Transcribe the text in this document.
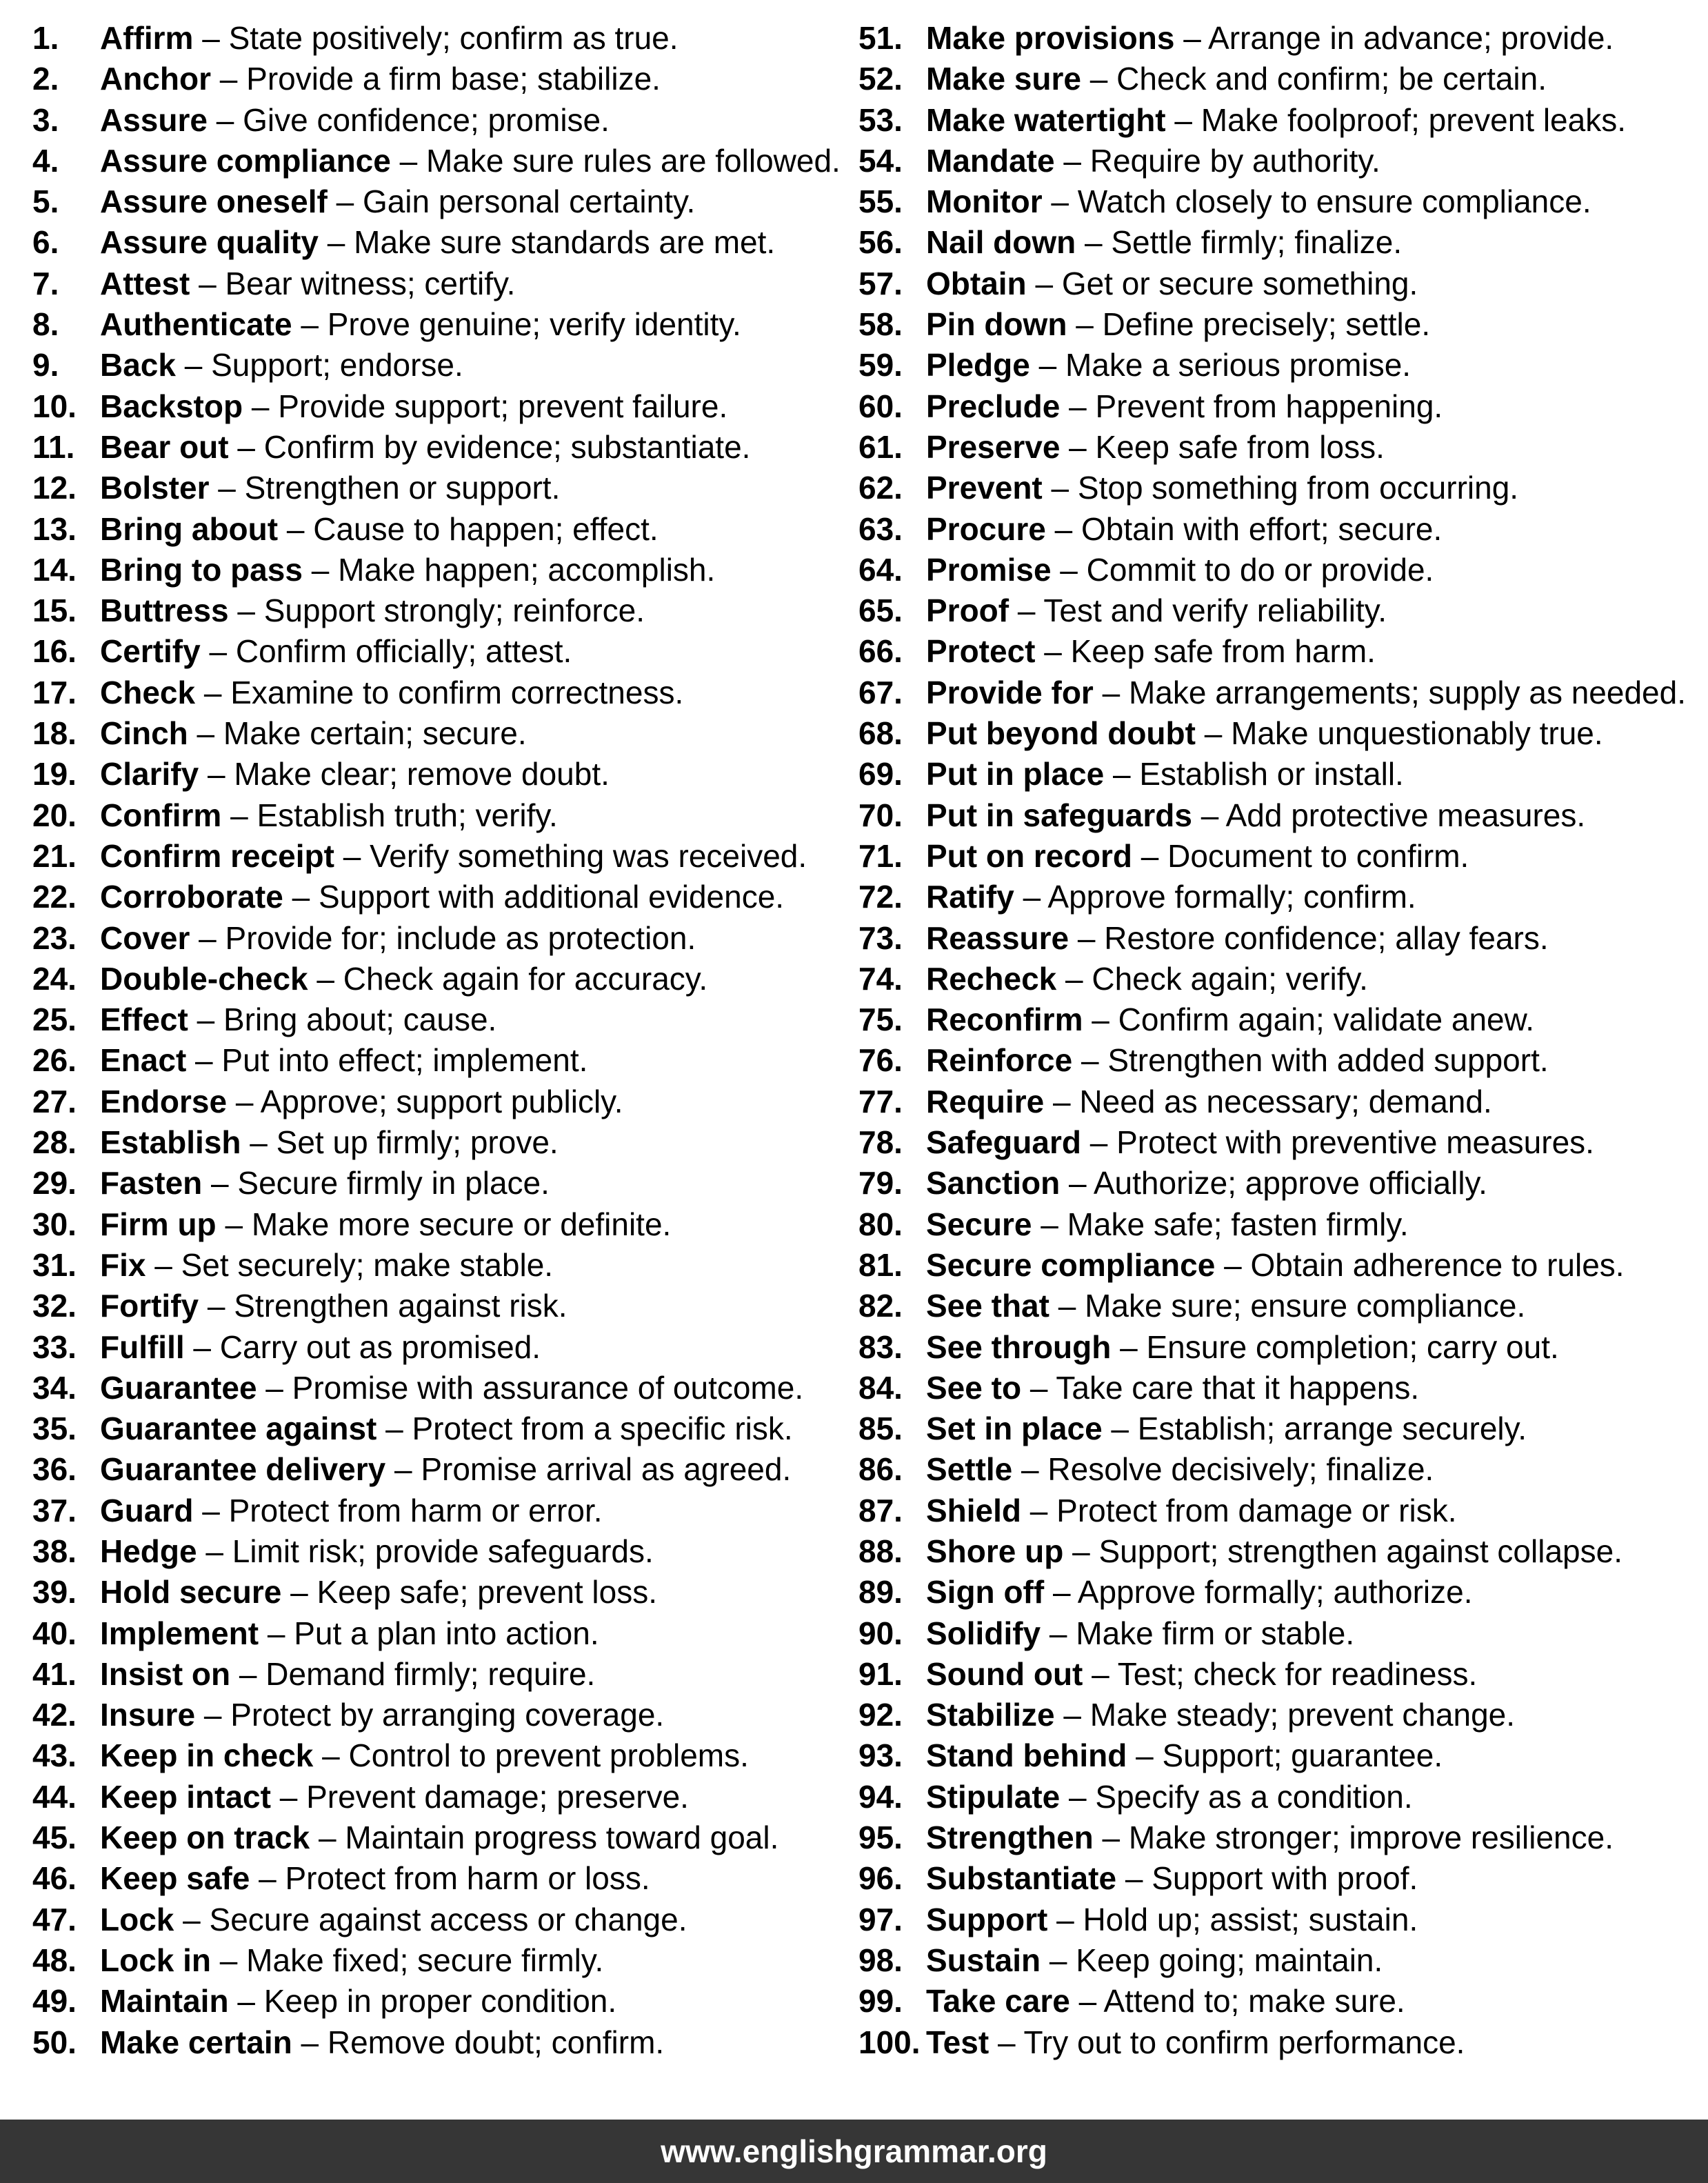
1.	Affirm – State positively; confirm as true.
2.	Anchor – Provide a firm base; stabilize.
3.	Assure – Give confidence; promise.
4.	Assure compliance – Make sure rules are followed.
5.	Assure oneself – Gain personal certainty.
6.	Assure quality – Make sure standards are met.
7.	Attest – Bear witness; certify.
8.	Authenticate – Prove genuine; verify identity.
9.	Back – Support; endorse.
10. Backstop – Provide support; prevent failure.
11. Bear out – Confirm by evidence; substantiate.
12. Bolster – Strengthen or support.
13. Bring about – Cause to happen; effect.
14. Bring to pass – Make happen; accomplish.
15. Buttress – Support strongly; reinforce.
16. Certify – Confirm officially; attest.
17. Check – Examine to confirm correctness.
18. Cinch – Make certain; secure.
19. Clarify – Make clear; remove doubt.
20. Confirm – Establish truth; verify.
21. Confirm receipt – Verify something was received.
22. Corroborate – Support with additional evidence.
23. Cover – Provide for; include as protection.
24. Double-check – Check again for accuracy.
25. Effect – Bring about; cause.
26. Enact – Put into effect; implement.
27. Endorse – Approve; support publicly.
28. Establish – Set up firmly; prove.
29. Fasten – Secure firmly in place.
30. Firm up – Make more secure or definite.
31. Fix – Set securely; make stable.
32. Fortify – Strengthen against risk.
33. Fulfill – Carry out as promised.
34. Guarantee – Promise with assurance of outcome.
35. Guarantee against – Protect from a specific risk.
36. Guarantee delivery – Promise arrival as agreed.
37. Guard – Protect from harm or error.
38. Hedge – Limit risk; provide safeguards.
39. Hold secure – Keep safe; prevent loss.
40. Implement – Put a plan into action.
41. Insist on – Demand firmly; require.
42. Insure – Protect by arranging coverage.
43. Keep in check – Control to prevent problems.
44. Keep intact – Prevent damage; preserve.
45. Keep on track – Maintain progress toward goal.
46. Keep safe – Protect from harm or loss.
47. Lock – Secure against access or change.
48. Lock in – Make fixed; secure firmly.
49. Maintain – Keep in proper condition.
50. Make certain – Remove doubt; confirm.
51. Make provisions – Arrange in advance; provide.
52. Make sure – Check and confirm; be certain.
53. Make watertight – Make foolproof; prevent leaks.
54. Mandate – Require by authority.
55. Monitor – Watch closely to ensure compliance.
56. Nail down – Settle firmly; finalize.
57. Obtain – Get or secure something.
58. Pin down – Define precisely; settle.
59. Pledge – Make a serious promise.
60. Preclude – Prevent from happening.
61. Preserve – Keep safe from loss.
62. Prevent – Stop something from occurring.
63. Procure – Obtain with effort; secure.
64. Promise – Commit to do or provide.
65. Proof – Test and verify reliability.
66. Protect – Keep safe from harm.
67. Provide for – Make arrangements; supply as needed.
68. Put beyond doubt – Make unquestionably true.
69. Put in place – Establish or install.
70. Put in safeguards – Add protective measures.
71. Put on record – Document to confirm.
72. Ratify – Approve formally; confirm.
73. Reassure – Restore confidence; allay fears.
74. Recheck – Check again; verify.
75. Reconfirm – Confirm again; validate anew.
76. Reinforce – Strengthen with added support.
77. Require – Need as necessary; demand.
78. Safeguard – Protect with preventive measures.
79. Sanction – Authorize; approve officially.
80. Secure – Make safe; fasten firmly.
81. Secure compliance – Obtain adherence to rules.
82. See that – Make sure; ensure compliance.
83. See through – Ensure completion; carry out.
84. See to – Take care that it happens.
85. Set in place – Establish; arrange securely.
86. Settle – Resolve decisively; finalize.
87. Shield – Protect from damage or risk.
88. Shore up – Support; strengthen against collapse.
89. Sign off – Approve formally; authorize.
90. Solidify – Make firm or stable.
91. Sound out – Test; check for readiness.
92. Stabilize – Make steady; prevent change.
93. Stand behind – Support; guarantee.
94. Stipulate – Specify as a condition.
95. Strengthen – Make stronger; improve resilience.
96. Substantiate – Support with proof.
97. Support – Hold up; assist; sustain.
98. Sustain – Keep going; maintain.
99. Take care – Attend to; make sure.
100. Test – Try out to confirm performance.
www.englishgrammar.org
